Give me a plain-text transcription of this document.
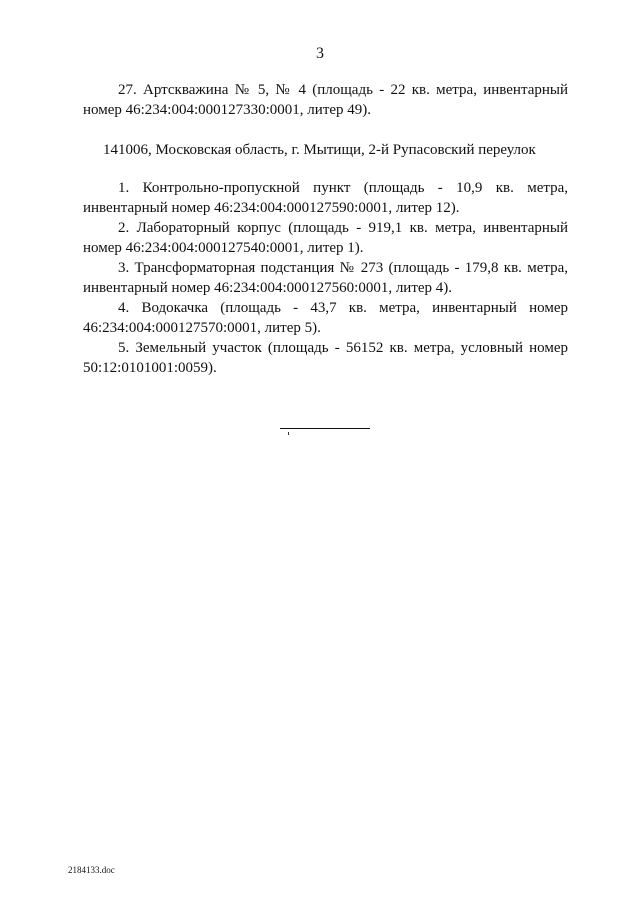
3
27. Артскважина № 5, № 4 (площадь - 22 кв. метра, инвентарный
номер 46:234:004:000127330:0001, литер 49).
141006, Московская область, г. Мытищи, 2-й Рупасовский переулок
1. Контрольно-пропускной пункт (площадь - 10,9 кв. метра,
инвентарный номер 46:234:004:000127590:0001, литер 12).
2. Лабораторный корпус (площадь - 919,1 кв. метра, инвентарный
номер 46:234:004:000127540:0001, литер 1).
3. Трансформаторная подстанция № 273 (площадь - 179,8 кв. метра,
инвентарный номер 46:234:004:000127560:0001, литер 4).
4. Водокачка (площадь - 43,7 кв. метра, инвентарный номер
46:234:004:000127570:0001, литер 5).
5. Земельный участок (площадь - 56152 кв. метра, условный номер
50:12:0101001:0059).
2184133.doc
